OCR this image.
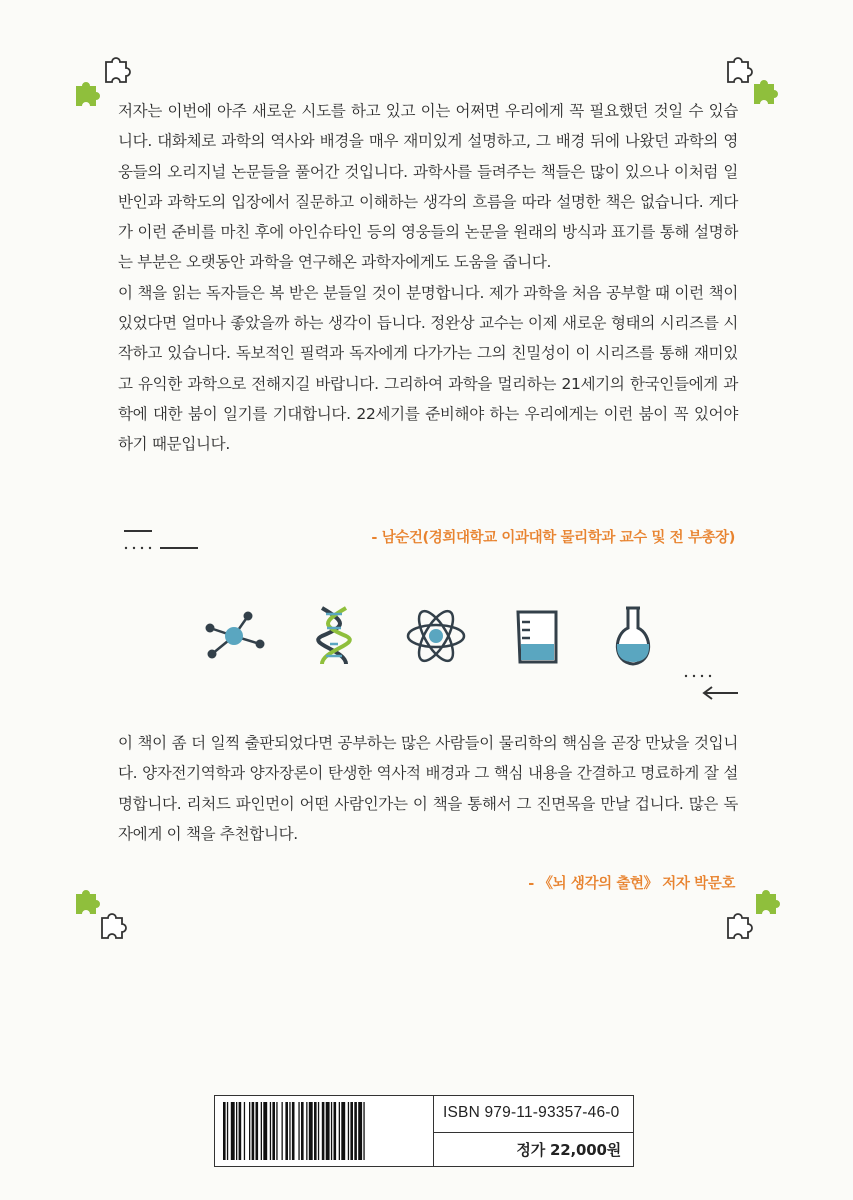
저자는 이번에 아주 새로운 시도를 하고 있고 이는 어쩌면 우리에게 꼭 필요했던 것일 수 있습니다. 대화체로 과학의 역사와 배경을 매우 재미있게 설명하고, 그 배경 뒤에 나왔던 과학의 영웅들의 오리지널 논문들을 풀어간 것입니다. 과학사를 들려주는 책들은 많이 있으나 이처럼 일반인과 과학도의 입장에서 질문하고 이해하는 생각의 흐름을 따라 설명한 책은 없습니다. 게다가 이런 준비를 마친 후에 아인슈타인 등의 영웅들의 논문을 원래의 방식과 표기를 통해 설명하는 부분은 오랫동안 과학을 연구해온 과학자에게도 도움을 줍니다.

이 책을 읽는 독자들은 복 받은 분들일 것이 분명합니다. 제가 과학을 처음 공부할 때 이런 책이 있었다면 얼마나 좋았을까 하는 생각이 듭니다. 정완상 교수는 이제 새로운 형태의 시리즈를 시작하고 있습니다. 독보적인 필력과 독자에게 다가가는 그의 친밀성이 이 시리즈를 통해 재미있고 유익한 과학으로 전해지길 바랍니다. 그리하여 과학을 멀리하는 21세기의 한국인들에게 과학에 대한 붐이 일기를 기대합니다. 22세기를 준비해야 하는 우리에게는 이런 붐이 꼭 있어야 하기 때문입니다.

- 남순건(경희대학교 이과대학 물리학과 교수 및 전 부총장)

이 책이 좀 더 일찍 출판되었다면 공부하는 많은 사람들이 물리학의 핵심을 곧장 만났을 것입니다. 양자전기역학과 양자장론이 탄생한 역사적 배경과 그 핵심 내용을 간결하고 명료하게 잘 설명합니다. 리처드 파인먼이 어떤 사람인가는 이 책을 통해서 그 진면목을 만날 겁니다. 많은 독자에게 이 책을 추천합니다.

- 《뇌 생각의 출현》 저자 박문호
ISBN 979-11-93357-46-0
정가 22,000원
